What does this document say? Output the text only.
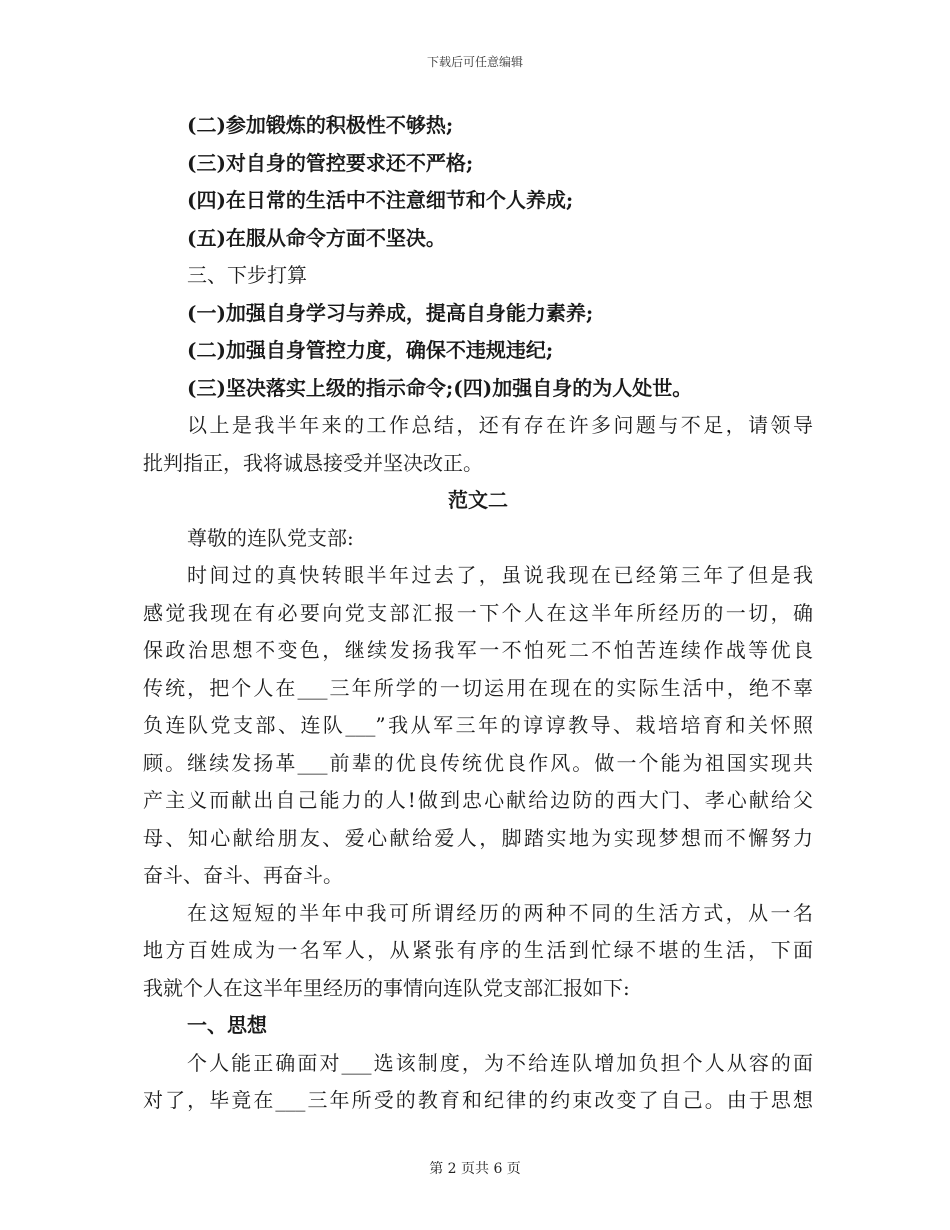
下载后可任意编辑
(二)参加锻炼的积极性不够热;
(三)对自身的管控要求还不严格;
(四)在日常的生活中不注意细节和个人养成;
(五)在服从命令方面不坚决。
三、下步打算
(一)加强自身学习与养成，提高自身能力素养;
(二)加强自身管控力度，确保不违规违纪;
(三)坚决落实上级的指示命令;(四)加强自身的为人处世。
以上是我半年来的工作总结，还有存在许多问题与不足，请领导
批判指正，我将诚恳接受并坚决改正。
范文二
尊敬的连队党支部:
时间过的真快转眼半年过去了，虽说我现在已经第三年了但是我
感觉我现在有必要向党支部汇报一下个人在这半年所经历的一切，确
保政治思想不变色，继续发扬我军一不怕死二不怕苦连续作战等优良
传统，把个人在___三年所学的一切运用在现在的实际生活中，绝不辜
负连队党支部、连队___”我从军三年的谆谆教导、栽培培育和关怀照
顾。继续发扬革___前辈的优良传统优良作风。做一个能为祖国实现共
产主义而献出自己能力的人!做到忠心献给边防的西大门、孝心献给父
母、知心献给朋友、爱心献给爱人，脚踏实地为实现梦想而不懈努力
奋斗、奋斗、再奋斗。
在这短短的半年中我可所谓经历的两种不同的生活方式，从一名
地方百姓成为一名军人，从紧张有序的生活到忙绿不堪的生活，下面
我就个人在这半年里经历的事情向连队党支部汇报如下:
一、思想
个人能正确面对___选该制度，为不给连队增加负担个人从容的面
对了，毕竟在___三年所受的教育和纪律的约束改变了自己。由于思想
第 2 页共 6 页
